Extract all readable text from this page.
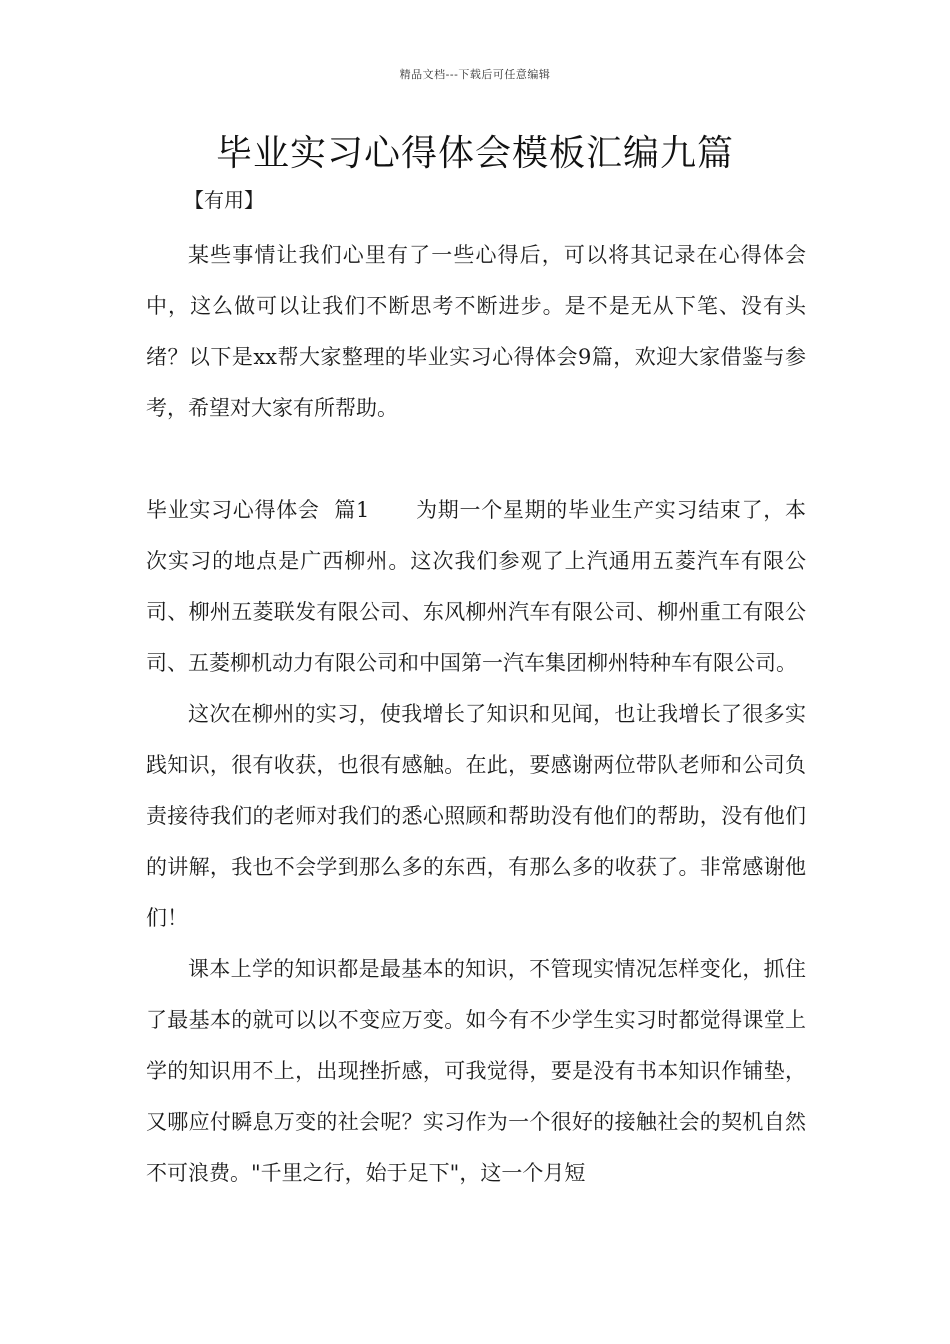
精品文档---下载后可任意编辑
毕业实习心得体会模板汇编九篇
【有用】

某些事情让我们心里有了一些心得后，可以将其记录在心得体会中，这么做可以让我们不断思考不断进步。是不是无从下笔、没有头绪？以下是xx帮大家整理的毕业实习心得体会9篇，欢迎大家借鉴与参考，希望对大家有所帮助。

毕业实习心得体会  篇1 为期一个星期的毕业生产实习结束了，本次实习的地点是广西柳州。这次我们参观了上汽通用五菱汽车有限公司、柳州五菱联发有限公司、东风柳州汽车有限公司、柳州重工有限公司、五菱柳机动力有限公司和中国第一汽车集团柳州特种车有限公司。

这次在柳州的实习，使我增长了知识和见闻，也让我增长了很多实践知识，很有收获，也很有感触。在此，要感谢两位带队老师和公司负责接待我们的老师对我们的悉心照顾和帮助没有他们的帮助，没有他们的讲解，我也不会学到那么多的东西，有那么多的收获了。非常感谢他们！

课本上学的知识都是最基本的知识，不管现实情况怎样变化，抓住了最基本的就可以以不变应万变。如今有不少学生实习时都觉得课堂上学的知识用不上，出现挫折感，可我觉得，要是没有书本知识作铺垫，又哪应付瞬息万变的社会呢？实习作为一个很好的接触社会的契机自然不可浪费。"千里之行，始于足下"，这一个月短
